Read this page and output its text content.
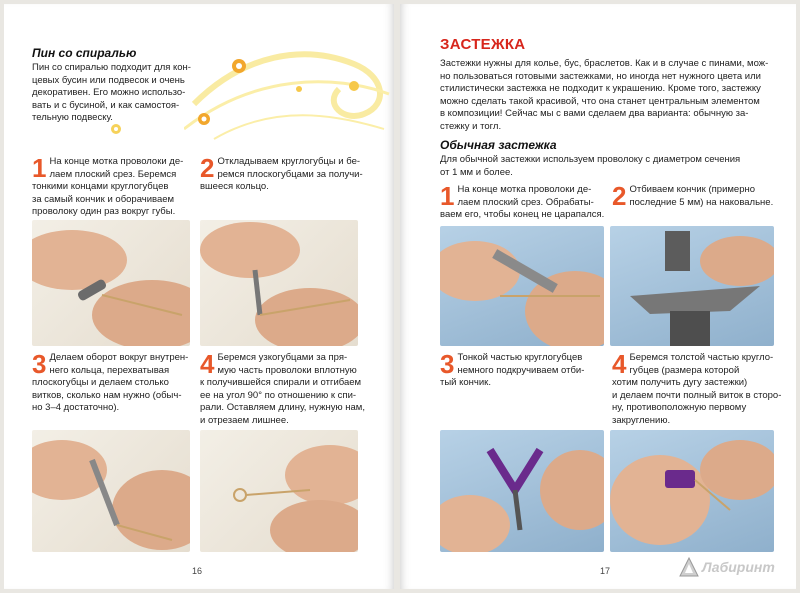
Пин со спиралью
Пин со спиралью подходит для кон-
цевых бусин или подвесок и очень
декоративен. Его можно использо-
вать и с бусиной, и как самостоя-
тельную подвеску.
1 На конце мотка проволоки де-
лаем плоский срез. Беремся
тонкими концами круглогубцев
за самый кончик и оборачиваем
проволоку один раз вокруг губы.
2 Откладываем круглогубцы и бе-
ремся плоскогубцами за получи-
вшееся кольцо.
3 Делаем оборот вокруг внутрен-
него кольца, перехватывая
плоскогубцы и делаем столько
витков, сколько нам нужно (обыч-
но 3–4 достаточно).
4 Беремся узкогубцами за пря-
мую часть проволоки вплотную
к получившейся спирали и отгибаем
ее на угол 90° по отношению к спи-
рали. Оставляем длину, нужную нам,
и отрезаем лишнее.
16
ЗАСТЕЖКА
Застежки нужны для колье, бус, браслетов. Как и в случае с пинами, мож-
но пользоваться готовыми застежками, но иногда нет нужного цвета или
стилистически застежка не подходит к украшению. Кроме того, застежку
можно сделать такой красивой, что она станет центральным элементом
в композиции! Сейчас мы с вами сделаем два варианта: обычную за-
стежку и тогл.
Обычная застежка
Для обычной застежки используем проволоку с диаметром сечения
от 1 мм и более.
1 На конце мотка проволоки де-
лаем плоский срез. Обрабаты-
ваем его, чтобы конец не царапался.
2 Отбиваем кончик (примерно
последние 5 мм) на наковальне.
3 Тонкой частью круглогубцев
немного подкручиваем отби-
тый кончик.
4 Беремся толстой частью кругло-
губцев (размера которой
хотим получить дугу застежки)
и делаем почти полный виток в сторо-
ну, противоположную первому
закруглению.
17	Лабиринт
